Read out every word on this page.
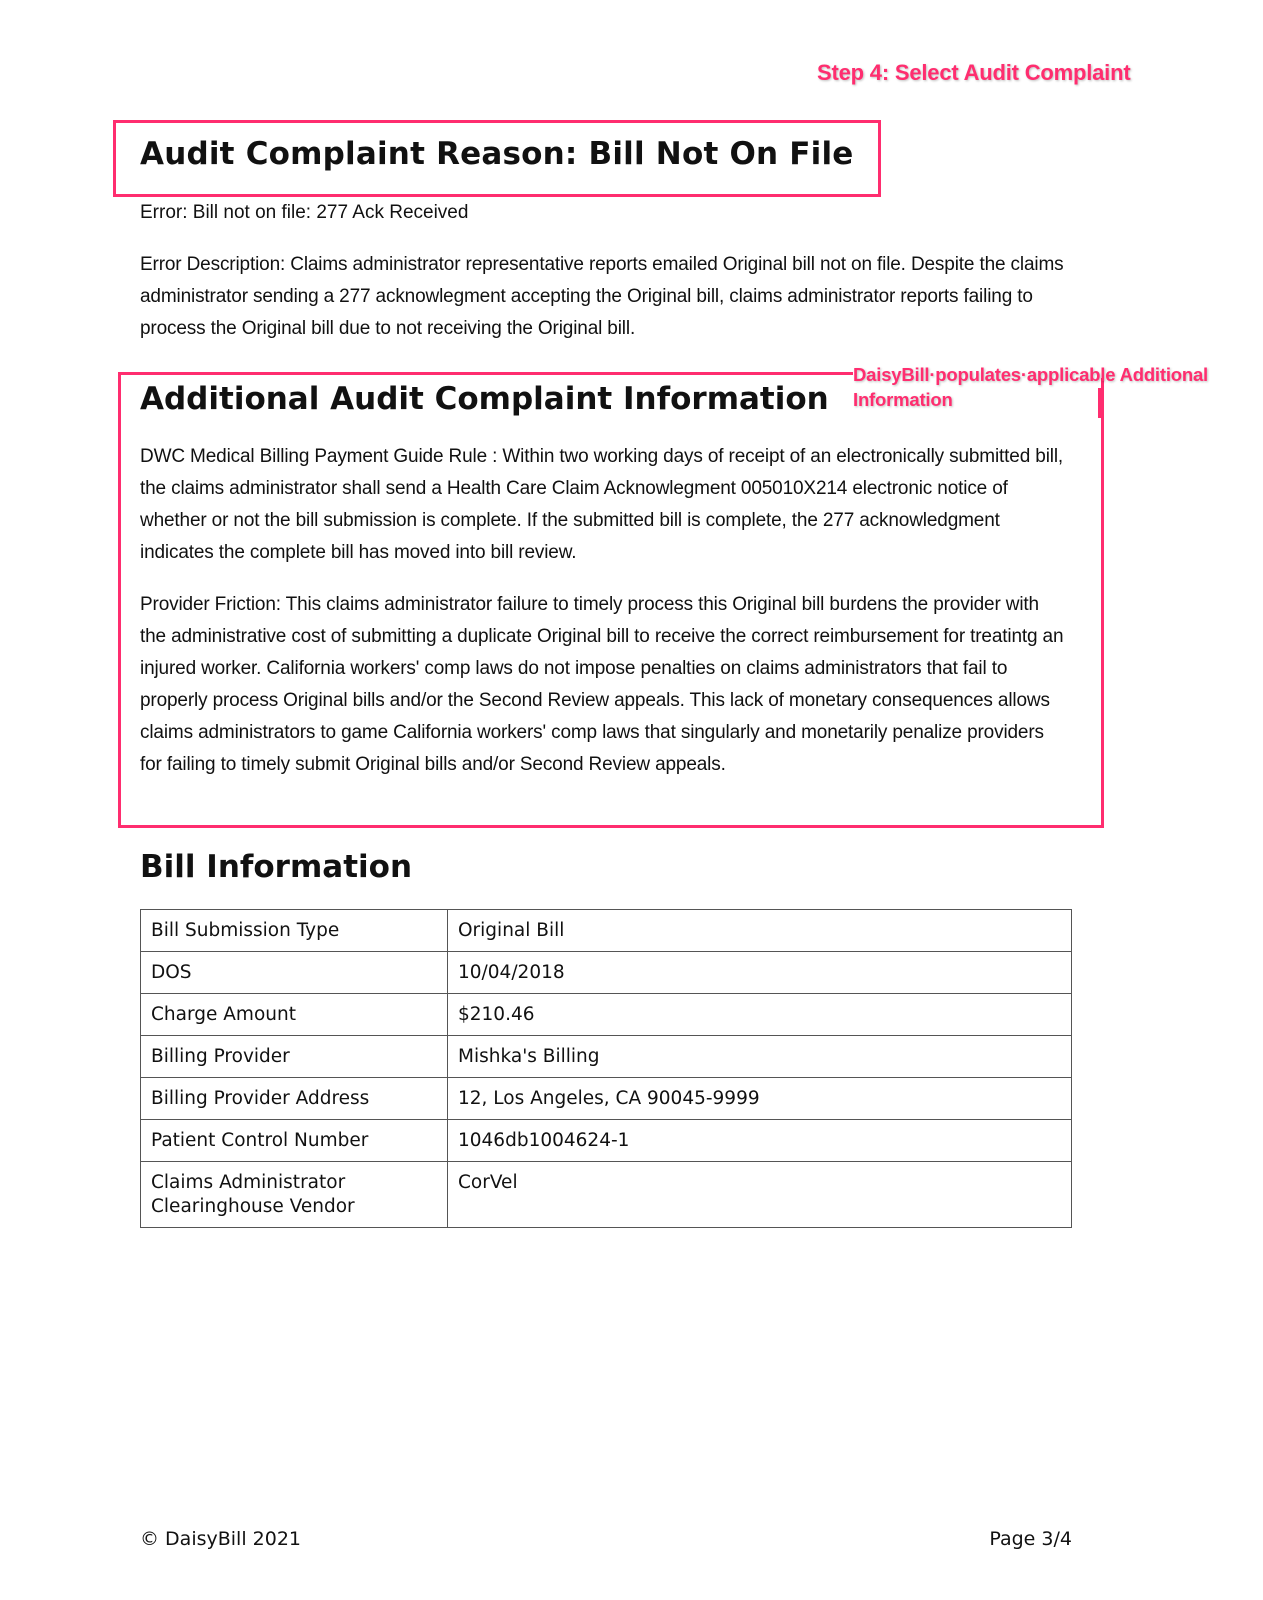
Step 4: Select Audit Complaint
Audit Complaint Reason: Bill Not On File
Error: Bill not on file: 277 Ack Received
Error Description: Claims administrator representative reports emailed Original bill not on file. Despite the claims administrator sending a 277 acknowlegment accepting the Original bill, claims administrator reports failing to process the Original bill due to not receiving the Original bill.
DaisyBill·populates·applicable Additional Information
Additional Audit Complaint Information
DWC Medical Billing Payment Guide Rule : Within two working days of receipt of an electronically submitted bill, the claims administrator shall send a Health Care Claim Acknowlegment 005010X214 electronic notice of whether or not the bill submission is complete. If the submitted bill is complete, the 277 acknowledgment indicates the complete bill has moved into bill review.
Provider Friction: This claims administrator failure to timely process this Original bill burdens the provider with the administrative cost of submitting a duplicate Original bill to receive the correct reimbursement for treatintg an injured worker. California workers' comp laws do not impose penalties on claims administrators that fail to properly process Original bills and/or the Second Review appeals. This lack of monetary consequences allows claims administrators to game California workers' comp laws that singularly and monetarily penalize providers for failing to timely submit Original bills and/or Second Review appeals.
Bill Information
Bill Submission Type	Original Bill
DOS	10/04/2018
Charge Amount	$210.46
Billing Provider	Mishka's Billing
Billing Provider Address	12, Los Angeles, CA 90045-9999
Patient Control Number	1046db1004624-1
Claims Administrator Clearinghouse Vendor	CorVel
© DaisyBill 2021	Page 3/4
